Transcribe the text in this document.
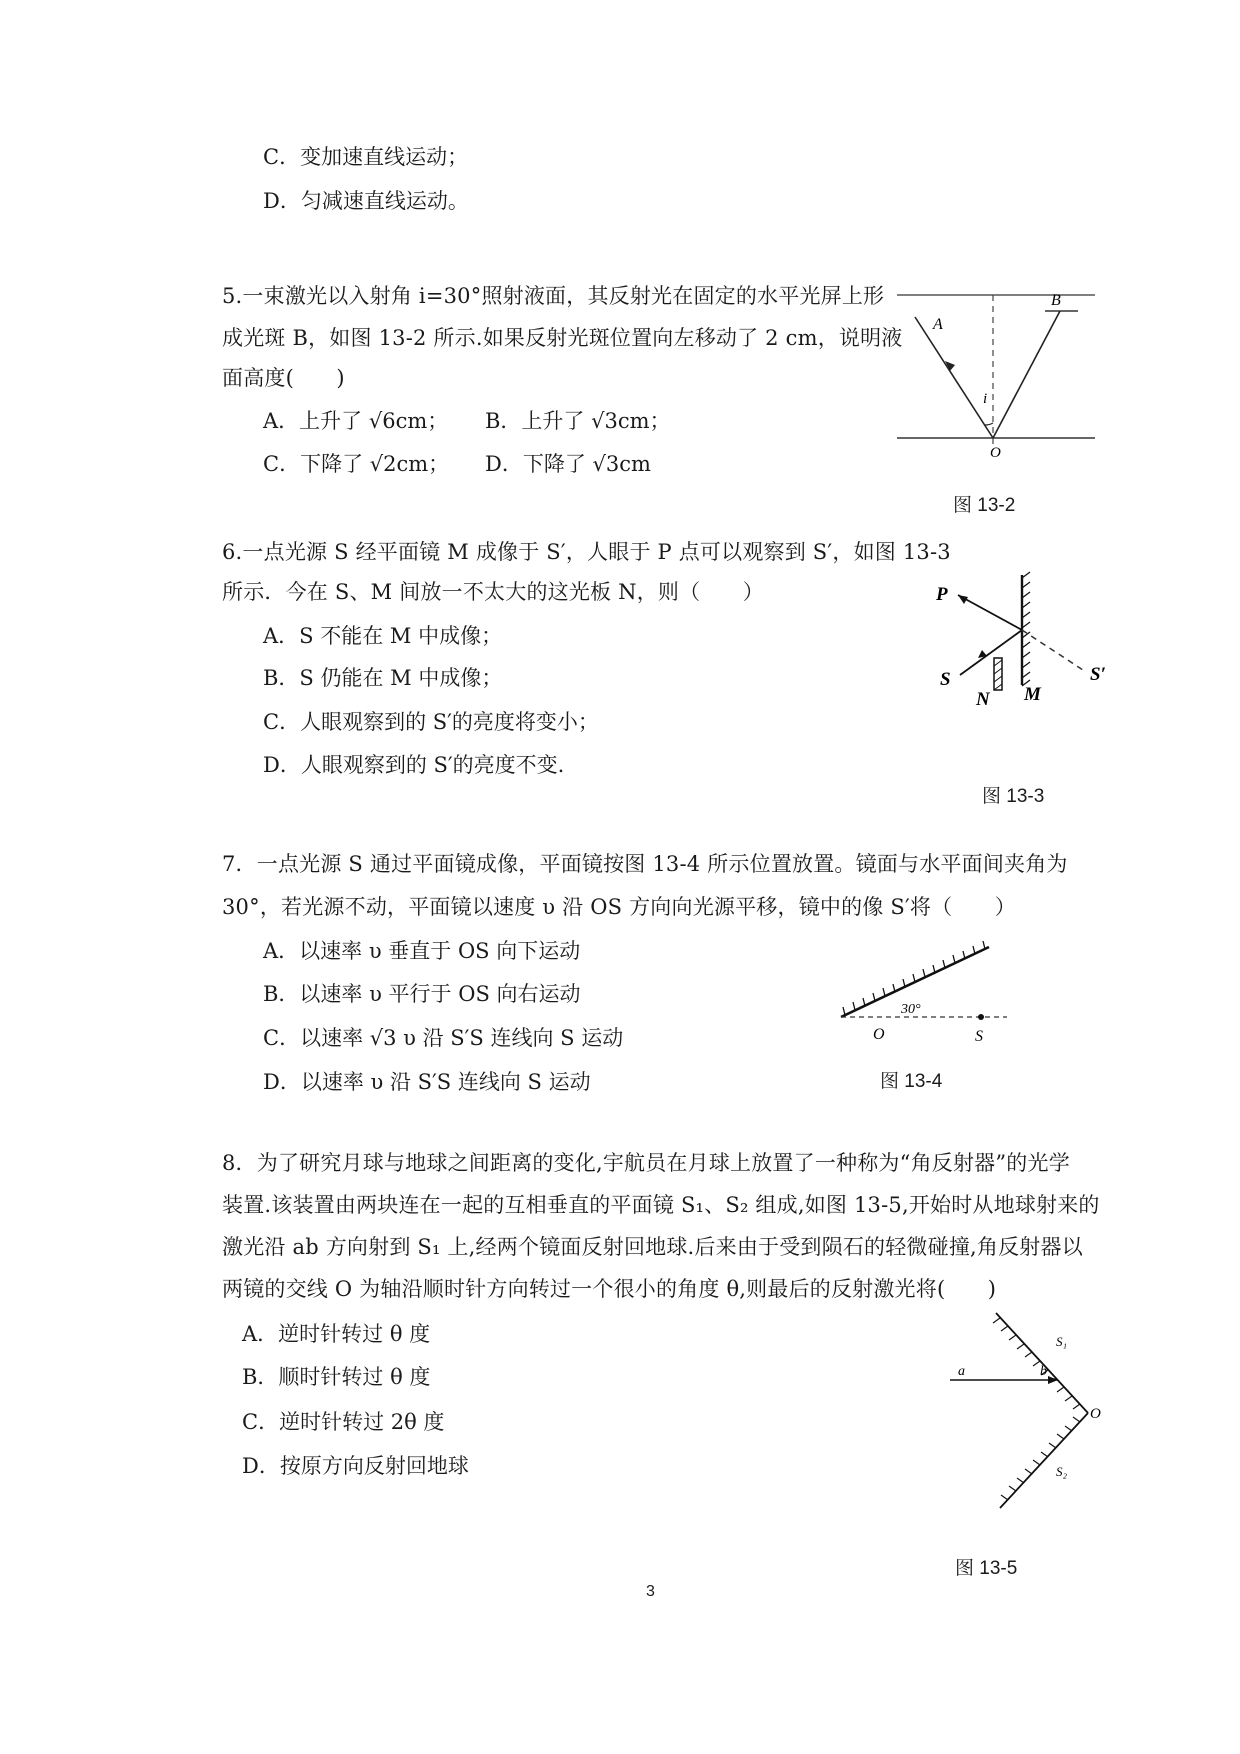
C．变加速直线运动；
D．匀减速直线运动。
5.一束激光以入射角 i=30°照射液面，其反射光在固定的水平光屏上形
成光斑 B，如图 13-2 所示.如果反射光斑位置向左移动了 2 cm，说明液
面高度(　　)
A．上升了 √6cm； B．上升了 √3cm；
C．下降了 √2cm； D．下降了 √3cm
A
B
i
O
图 13-2
6.一点光源 S 经平面镜 M 成像于 S′，人眼于 P 点可以观察到 S′，如图 13-3
所示．今在 S、M 间放一不太大的这光板 N，则（　　）
A．S 不能在 M 中成像；
B．S 仍能在 M 中成像；
C．人眼观察到的 S′的亮度将变小；
D．人眼观察到的 S′的亮度不变.
P
S
N M
S′
图 13-3
7．一点光源 S 通过平面镜成像，平面镜按图 13-4 所示位置放置。镜面与水平面间夹角为
30°，若光源不动，平面镜以速度 υ 沿 OS 方向向光源平移，镜中的像 S′将（　　）
A．以速率 υ 垂直于 OS 向下运动
B．以速率 υ 平行于 OS 向右运动
C．以速率 √3 υ 沿 S′S 连线向 S 运动
D．以速率 υ 沿 S′S 连线向 S 运动
30°
O	S
图 13-4
8．为了研究月球与地球之间距离的变化,宇航员在月球上放置了一种称为“角反射器”的光学
装置.该装置由两块连在一起的互相垂直的平面镜 S₁、S₂ 组成,如图 13-5,开始时从地球射来的
激光沿 ab 方向射到 S₁ 上,经两个镜面反射回地球.后来由于受到陨石的轻微碰撞,角反射器以
两镜的交线 O 为轴沿顺时针方向转过一个很小的角度 θ,则最后的反射激光将(　　)
A．逆时针转过 θ 度
B．顺时针转过 θ 度
C．逆时针转过 2θ 度
D．按原方向反射回地球
a	b
S₁
S₂
O
图 13-5
3
